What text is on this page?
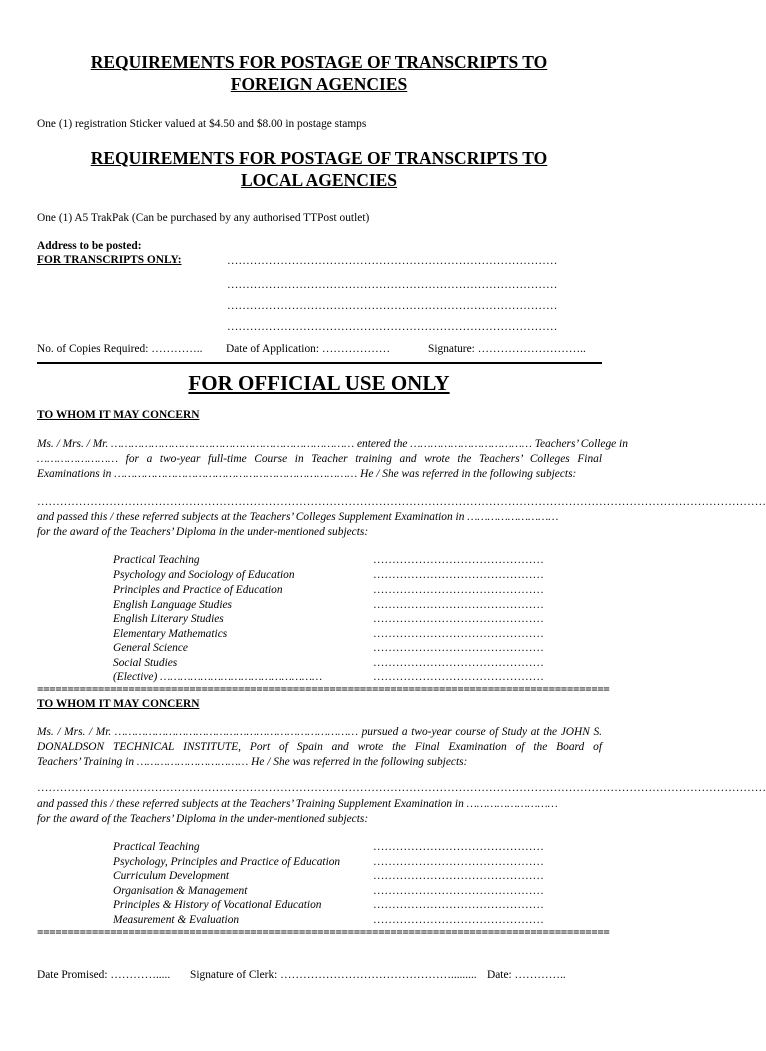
REQUIREMENTS FOR POSTAGE OF TRANSCRIPTS TO
FOREIGN AGENCIES
One (1) registration Sticker valued at $4.50 and $8.00 in postage stamps
REQUIREMENTS FOR POSTAGE OF TRANSCRIPTS TO
LOCAL AGENCIES
One (1) A5 TrakPak (Can be purchased by any authorised TTPost outlet)
Address to be posted:
FOR TRANSCRIPTS ONLY:	……………………………………………………………………………
……………………………………………………………………………
……………………………………………………………………………
……………………………………………………………………………
No. of Copies Required: ………….. Date of Application: ………………	Signature: ………………………..
FOR OFFICIAL USE ONLY
TO WHOM IT MAY CONCERN
Ms. / Mrs. / Mr. ……………………………………………………………… entered the ……………………………… Teachers’ College in
…………………… for a two-year full-time Course in Teacher training and wrote the Teachers’ Colleges Final
Examinations in ……………………………………………………………… He / She was referred in the following subjects:
…………………………………………………………………………………………………………………………………………………………………………
and passed this / these referred subjects at the Teachers’ Colleges Supplement Examination in ………………………
for the award of the Teachers’ Diploma in the under-mentioned subjects:
Practical Teaching	………………………………………
Psychology and Sociology of Education	………………………………………
Principles and Practice of Education	………………………………………
English Language Studies	………………………………………
English Literary Studies	………………………………………
Elementary Mathematics	………………………………………
General Science	………………………………………
Social Studies	………………………………………
(Elective) …………………………………………	………………………………………
==============================================================================================
TO WHOM IT MAY CONCERN
Ms. / Mrs. / Mr. ……………………………………………………………… pursued a two-year course of Study at the JOHN S.
DONALDSON TECHNICAL INSTITUTE, Port of Spain and wrote the Final Examination of the Board of
Teachers’ Training in …………………………… He / She was referred in the following subjects:
…………………………………………………………………………………………………………………………………………………………………………
and passed this / these referred subjects at the Teachers’ Training Supplement Examination in ………………………
for the award of the Teachers’ Diploma in the under-mentioned subjects:
Practical Teaching	………………………………………
Psychology, Principles and Practice of Education	………………………………………
Curriculum Development	………………………………………
Organisation & Management	………………………………………
Principles & History of Vocational Education	………………………………………
Measurement & Evaluation	………………………………………
==============================================================================================
Date Promised: …………..... Signature of Clerk: ………………………………………......... Date: …………..
